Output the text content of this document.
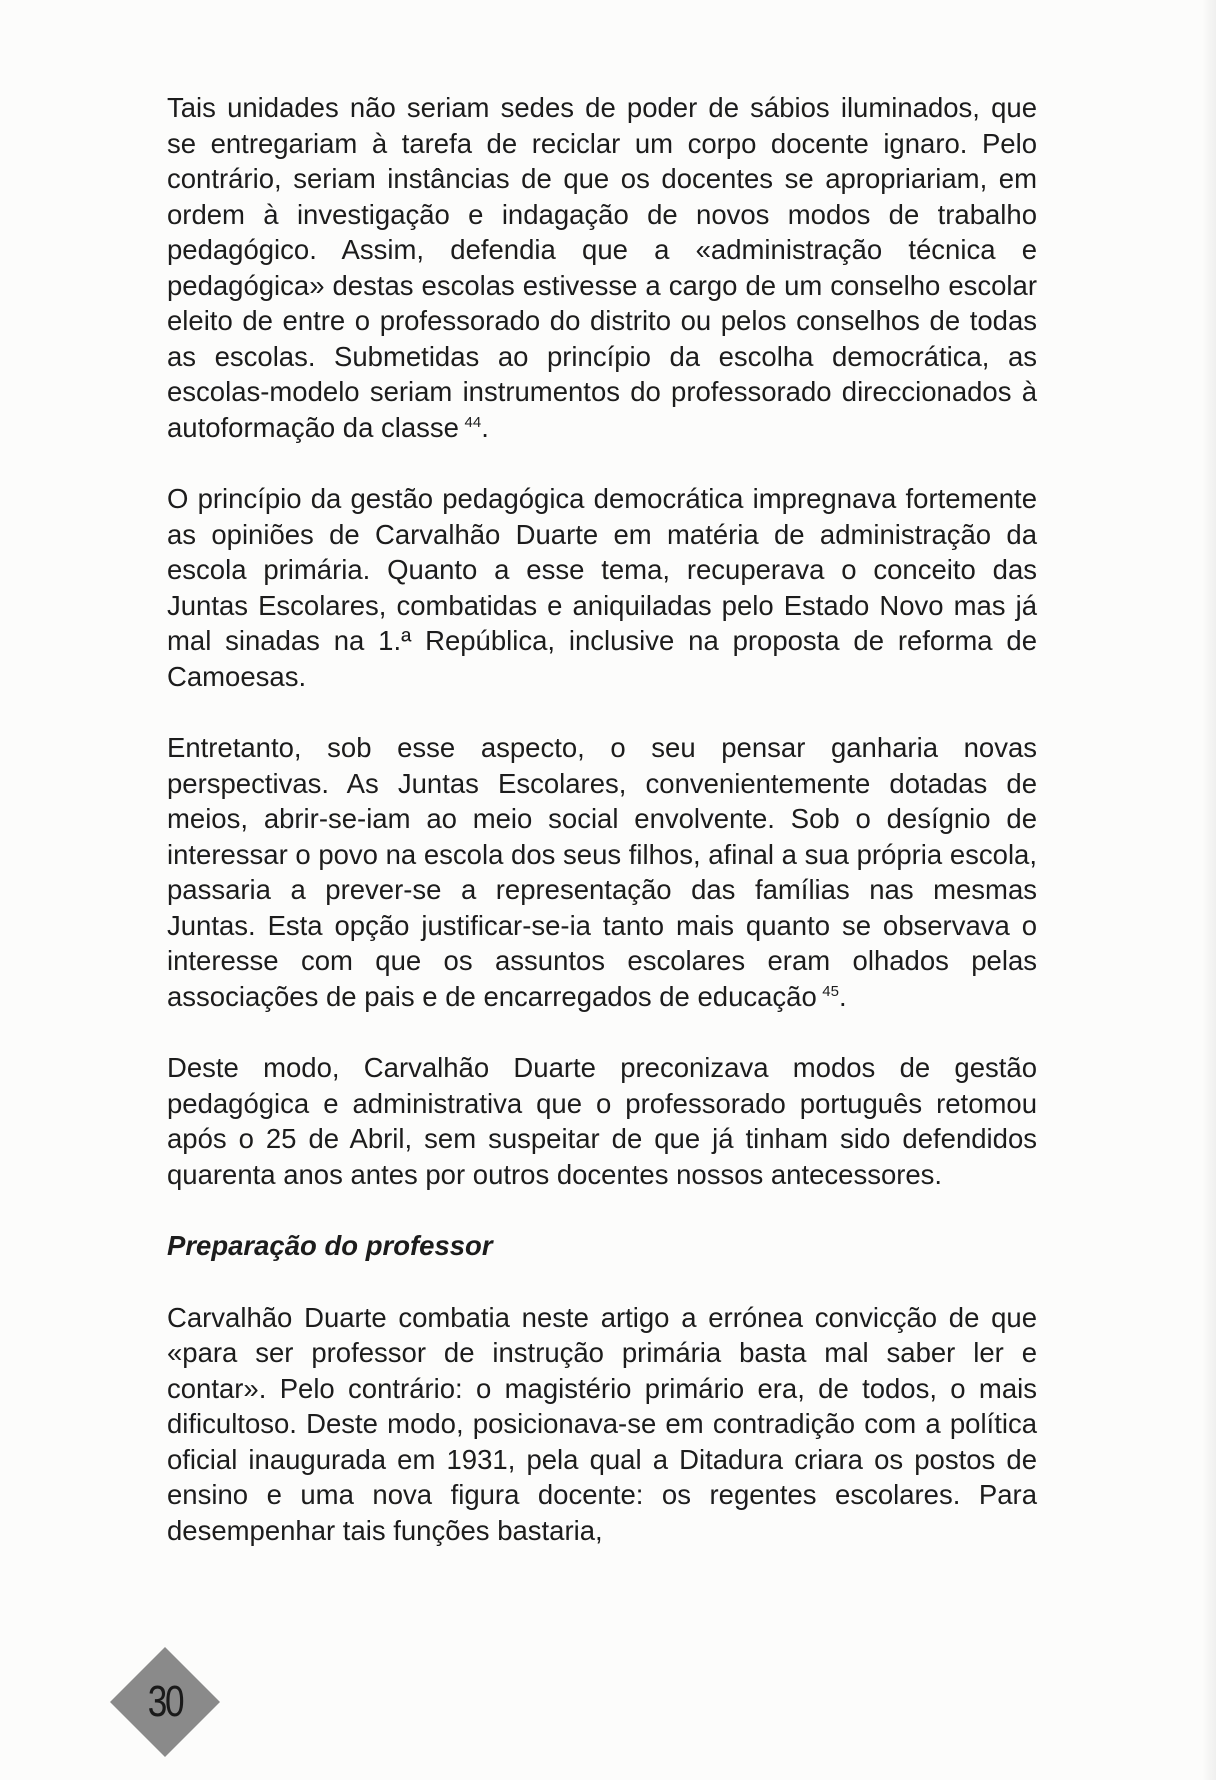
Tais unidades não seriam sedes de poder de sábios iluminados, que se entregariam à tarefa de reciclar um corpo docente ignaro. Pelo contrário, seriam instâncias de que os docentes se apropriariam, em ordem à investigação e indagação de novos modos de trabalho pedagógico. Assim, defendia que a «administração técnica e pedagógica» destas escolas estivesse a cargo de um conselho escolar eleito de entre o professorado do distrito ou pelos conselhos de todas as escolas. Submetidas ao princípio da escolha democrática, as escolas-modelo seriam instrumentos do professorado direccionados à autoformação da classe  $^{44}$.

O princípio da gestão pedagógica democrática impregnava fortemente as opiniões de Carvalhão Duarte em matéria de administração da escola primária. Quanto a esse tema, recuperava o conceito das Juntas Escolares, combatidas e aniquiladas pelo Estado Novo mas já mal sinadas na 1.ª República, inclusive na proposta de reforma de Camoesas.

Entretanto, sob esse aspecto, o seu pensar ganharia novas perspectivas. As Juntas Escolares, convenientemente dotadas de meios, abrir-se-iam ao meio social envolvente. Sob o desígnio de interessar o povo na escola dos seus filhos, afinal a sua própria escola, passaria a prever-se a representação das famílias nas mesmas Juntas. Esta opção justificar-se-ia tanto mais quanto se observava o interesse com que os assuntos escolares eram olhados pelas associações de pais e de encarregados de educação  $^{45}$.

Deste modo, Carvalhão Duarte preconizava modos de gestão pedagógica e administrativa que o professorado português retomou após o 25 de Abril, sem suspeitar de que já tinham sido defendidos quarenta anos antes por outros docentes nossos antecessores.

Preparação do professor

Carvalhão Duarte combatia neste artigo a errónea convicção de que «para ser professor de instrução primária basta mal saber ler e contar». Pelo contrário: o magistério primário era, de todos, o mais dificultoso. Deste modo, posicionava-se em contradição com a política oficial inaugurada em 1931, pela qual a Ditadura criara os postos de ensino e uma nova figura docente: os regentes escolares. Para desempenhar tais funções bastaria,

30
